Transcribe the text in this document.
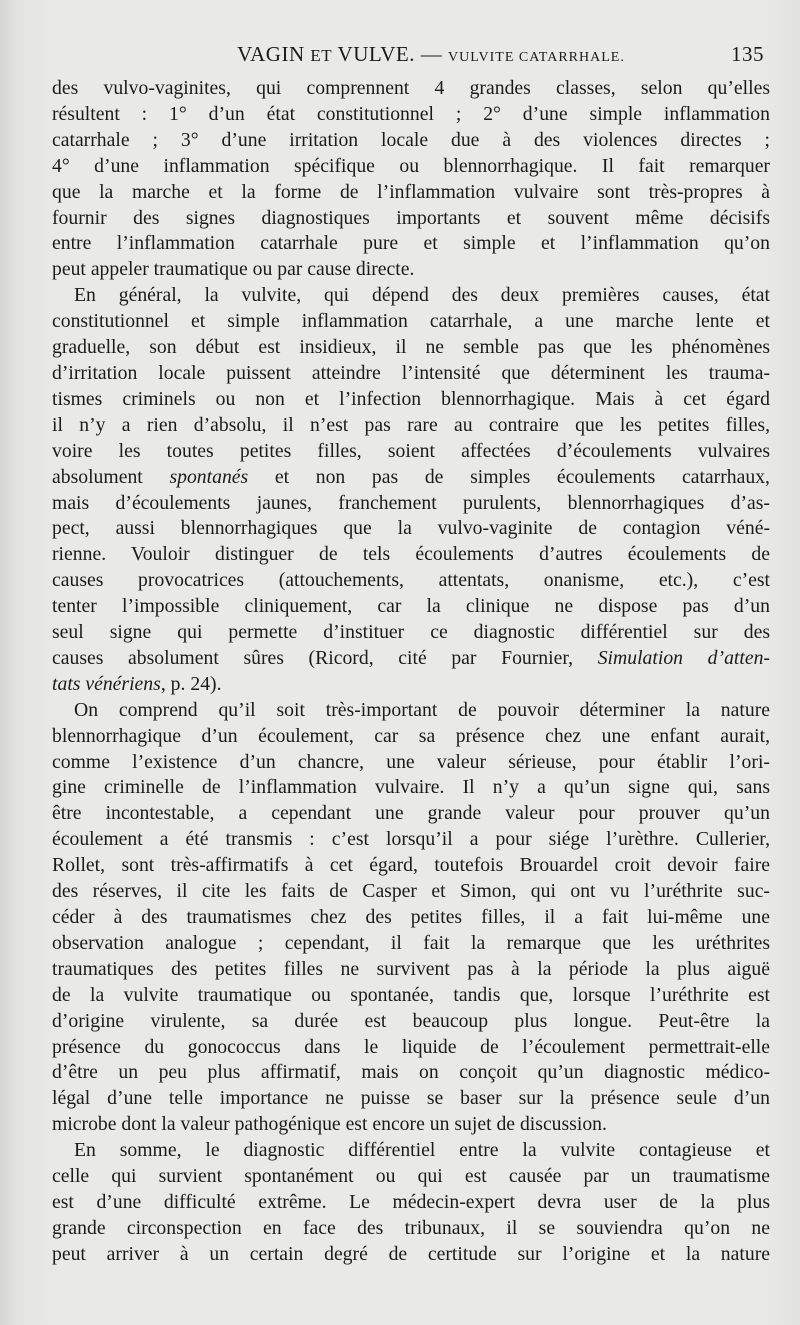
VAGIN ET VULVE. — VULVITE CATARRHALE.	135

des vulvo-vaginites, qui comprennent 4 grandes classes, selon qu’elles

résultent : 1° d’un état constitutionnel ; 2° d’une simple inflammation

catarrhale ; 3° d’une irritation locale due à des violences directes ;

4° d’une inflammation spécifique ou blennorrhagique. Il fait remarquer

que la marche et la forme de l’inflammation vulvaire sont très-propres à

fournir des signes diagnostiques importants et souvent même décisifs

entre l’inflammation catarrhale pure et simple et l’inflammation qu’on

peut appeler traumatique ou par cause directe.

En général, la vulvite, qui dépend des deux premières causes, état

constitutionnel et simple inflammation catarrhale, a une marche lente et

graduelle, son début est insidieux, il ne semble pas que les phénomènes

d’irritation locale puissent atteindre l’intensité que déterminent les trauma-

tismes criminels ou non et l’infection blennorrhagique. Mais à cet égard

il n’y a rien d’absolu, il n’est pas rare au contraire que les petites filles,

voire les toutes petites filles, soient affectées d’écoulements vulvaires

absolument spontanés et non pas de simples écoulements catarrhaux,

mais d’écoulements jaunes, franchement purulents, blennorrhagiques d’as-

pect, aussi blennorrhagiques que la vulvo-vaginite de contagion véné-

rienne. Vouloir distinguer de tels écoulements d’autres écoulements de

causes provocatrices (attouchements, attentats, onanisme, etc.), c’est

tenter l’impossible cliniquement, car la clinique ne dispose pas d’un

seul signe qui permette d’instituer ce diagnostic différentiel sur des

causes absolument sûres (Ricord, cité par Fournier, Simulation d’atten-

tats vénériens, p. 24).

On comprend qu’il soit très-important de pouvoir déterminer la nature

blennorrhagique d’un écoulement, car sa présence chez une enfant aurait,

comme l’existence d’un chancre, une valeur sérieuse, pour établir l’ori-

gine criminelle de l’inflammation vulvaire. Il n’y a qu’un signe qui, sans

être incontestable, a cependant une grande valeur pour prouver qu’un

écoulement a été transmis : c’est lorsqu’il a pour siége l’urèthre. Cullerier,

Rollet, sont très-affirmatifs à cet égard, toutefois Brouardel croit devoir faire

des réserves, il cite les faits de Casper et Simon, qui ont vu l’uréthrite suc-

céder à des traumatismes chez des petites filles, il a fait lui-même une

observation analogue ; cependant, il fait la remarque que les uréthrites

traumatiques des petites filles ne survivent pas à la période la plus aiguë

de la vulvite traumatique ou spontanée, tandis que, lorsque l’uréthrite est

d’origine virulente, sa durée est beaucoup plus longue. Peut-être la

présence du gonococcus dans le liquide de l’écoulement permettrait-elle

d’être un peu plus affirmatif, mais on conçoit qu’un diagnostic médico-

légal d’une telle importance ne puisse se baser sur la présence seule d’un

microbe dont la valeur pathogénique est encore un sujet de discussion.

En somme, le diagnostic différentiel entre la vulvite contagieuse et

celle qui survient spontanément ou qui est causée par un traumatisme

est d’une difficulté extrême. Le médecin-expert devra user de la plus

grande circonspection en face des tribunaux, il se souviendra qu’on ne

peut arriver à un certain degré de certitude sur l’origine et la nature
